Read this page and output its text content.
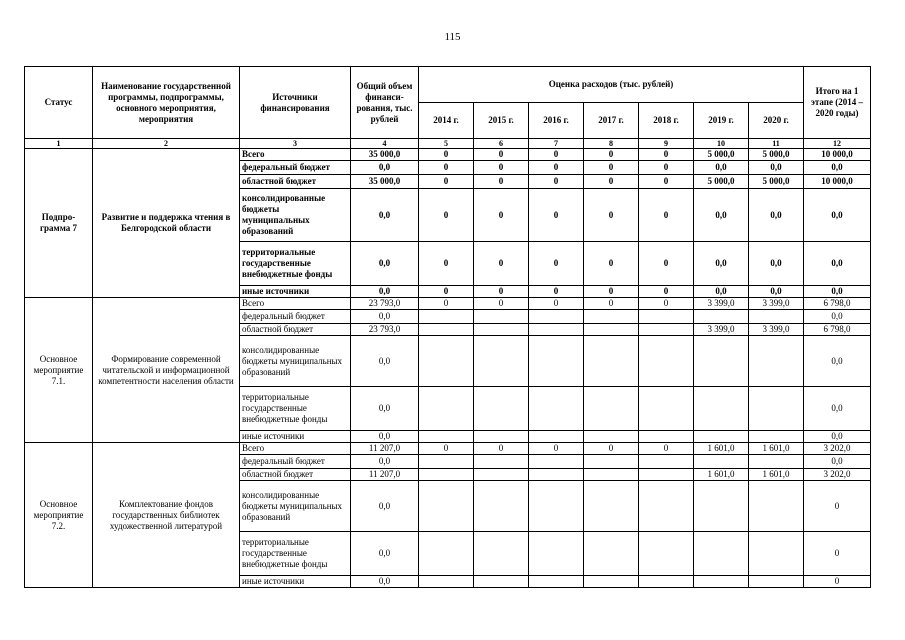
115
Статус	Наименование государственной программы, подпрограммы, основного мероприятия, мероприятия	Источники финансирования	Общий объем финанси-рования, тыс. рублей	Оценка расходов (тыс. рублей)							Итого на 1 этапе (2014 – 2020 годы)
				2014 г.	2015 г.	2016 г.	2017 г.	2018 г.	2019 г.	2020 г.	
1	2	3	4	5	6	7	8	9	10	11	12
Подпро-грамма 7	Развитие и поддержка чтения в Белгородской области	Всего	35 000,0	0	0	0	0	0	5 000,0	5 000,0	10 000,0
		федеральный бюджет	0,0	0	0	0	0	0	0,0	0,0	0,0
		областной бюджет	35 000,0	0	0	0	0	0	5 000,0	5 000,0	10 000,0
		консолидированные бюджеты муниципальных образований	0,0	0	0	0	0	0	0,0	0,0	0,0
		территориальные государственные внебюджетные фонды	0,0	0	0	0	0	0	0,0	0,0	0,0
		иные источники	0,0	0	0	0	0	0	0,0	0,0	0,0
Основное мероприятие 7.1.	Формирование современной читательской и информационной компетентности населения области	Всего	23 793,0	0	0	0	0	0	3 399,0	3 399,0	6 798,0
		федеральный бюджет	0,0								0,0
		областной бюджет	23 793,0						3 399,0	3 399,0	6 798,0
		консолидированные бюджеты муниципальных образований	0,0								0,0
		территориальные государственные внебюджетные фонды	0,0								0,0
		иные источники	0,0								0,0
Основное мероприятие 7.2.	Комплектование фондов государственных библиотек художественной литературой	Всего	11 207,0	0	0	0	0	0	1 601,0	1 601,0	3 202,0
		федеральный бюджет	0,0								0,0
		областной бюджет	11 207,0						1 601,0	1 601,0	3 202,0
		консолидированные бюджеты муниципальных образований	0,0								0
		территориальные государственные внебюджетные фонды	0,0								0
		иные источники	0,0								0
